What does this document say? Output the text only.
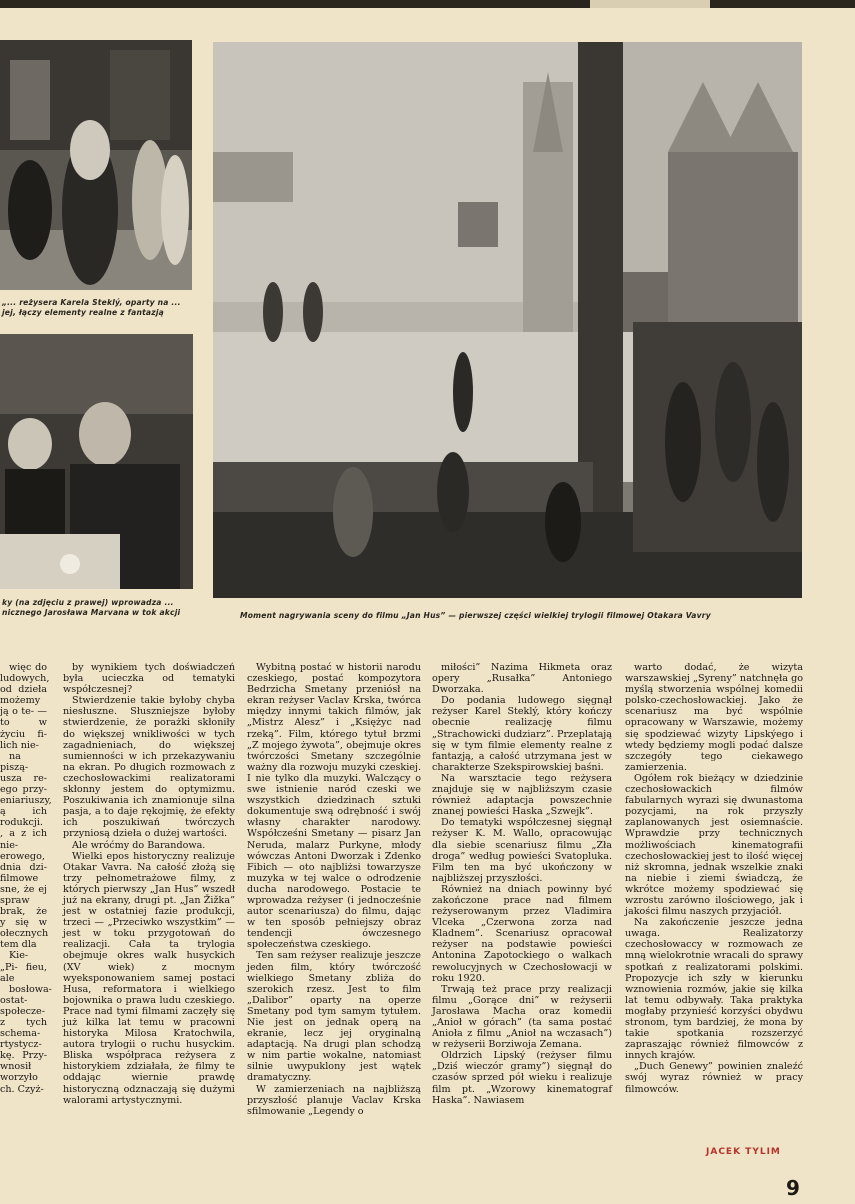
„... reżysera Karela Steklý, oparty na ... jej, łączy elementy realne z fantazją
ky (na zdjęciu z prawej) wprowadza ... nicznego Jarosława Marvana w tok akcji	Moment nagrywania sceny do filmu „Jan Hus” — pierwszej części wielkiej trylogii filmowej Otakara Vavry

więc do ludowych, od dzieła możemy ją o te- — to w życiu fi- lich nie-

na piszą- usza re- ego przy- eniariuszy, ą ich rodukcji. , a z ich nie- erowego, dnia dzi- filmowe sne, że ej spraw brak, że y się w ołecznych tem dla

Kie- „Pi- fieu, ale

bosłowa- ostat- społecze- z tych schema- rtystycz- kę. Przy- wnosił worzyło ch. Czyż-

by wynikiem tych doświadczeń była ucieczka od tematyki współczesnej?

Stwierdzenie takie byłoby chyba niesłuszne. Słuszniejsze byłoby stwierdzenie, że porażki skłoniły do większej wnikliwości w tych zagadnieniach, do większej sumienności w ich przekazywaniu na ekran. Po długich rozmowach z czechosłowackimi realizatorami skłonny jestem do optymizmu. Poszukiwania ich znamionuje silna pasja, a to daje rękojmię, że efekty ich poszukiwań twórczych przyniosą dzieła o dużej wartości.

Ale wróćmy do Barandowa.

Wielki epos historyczny realizuje Otakar Vavra. Na całość złożą się trzy pełnometrażowe filmy, z których pierwszy „Jan Hus” wszedł już na ekrany, drugi pt. „Jan Žižka” jest w ostatniej fazie produkcji, trzeci — „Przeciwko wszystkim” — jest w toku przygotowań do realizacji. Cała ta trylogia obejmuje okres walk husyckich (XV wiek) z mocnym wyeksponowaniem samej postaci Husa, reformatora i wielkiego bojownika o prawa ludu czeskiego. Prace nad tymi filmami zaczęły się już kilka lat temu w pracowni historyka Milosa Kratochwila, autora trylogii o ruchu husyckim. Bliska współpraca reżysera z historykiem zdziałała, że filmy te oddając wiernie prawdę historyczną odznaczają się dużymi walorami artystycznymi.

Wybitną postać w historii narodu czeskiego, postać kompozytora Bedrzicha Smetany przeniósł na ekran reżyser Vaclav Krska, twórca między innymi takich filmów, jak „Mistrz Alesz” i „Księżyc nad rzeką”. Film, którego tytuł brzmi „Z mojego żywota”, obejmuje okres twórczości Smetany szczególnie ważny dla rozwoju muzyki czeskiej. I nie tylko dla muzyki. Walczący o swe istnienie naród czeski we wszystkich dziedzinach sztuki dokumentuje swą odrębność i swój własny charakter narodowy. Współcześni Smetany — pisarz Jan Neruda, malarz Purkyne, młody wówczas Antoni Dworzak i Zdenko Fibich — oto najbliżsi towarzysze muzyka w tej walce o odrodzenie ducha narodowego. Postacie te wprowadza reżyser (i jednocześnie autor scenariusza) do filmu, dając w ten sposób pełniejszy obraz tendencji ówczesnego społeczeństwa czeskiego.

Ten sam reżyser realizuje jeszcze jeden film, który twórczość wielkiego Smetany zbliża do szerokich rzesz. Jest to film „Dalibor” oparty na operze Smetany pod tym samym tytułem. Nie jest on jednak operą na ekranie, lecz jej oryginalną adaptacją. Na drugi plan schodzą w nim partie wokalne, natomiast silnie uwypuklony jest wątek dramatyczny.

W zamierzeniach na najbliższą przyszłość planuje Vaclav Krska sfilmowanie „Legendy o

miłości” Nazima Hikmeta oraz opery „Rusałka” Antoniego Dworzaka.

Do podania ludowego sięgnął reżyser Karel Steklý, który kończy obecnie realizację filmu „Strachowicki dudziarz”. Przeplatają się w tym filmie elementy realne z fantazją, a całość utrzymana jest w charakterze Szekspirowskiej baśni.

Na warsztacie tego reżysera znajduje się w najbliższym czasie również adaptacja powszechnie znanej powieści Haska „Szwejk”.

Do tematyki współczesnej sięgnął reżyser K. M. Wallo, opracowując dla siebie scenariusz filmu „Zła droga” według powieści Svatopluka. Film ten ma być ukończony w najbliższej przyszłości.

Również na dniach powinny być zakończone prace nad filmem reżyserowanym przez Vladimira Vlceka „Czerwona zorza nad Kladnem”. Scenariusz opracował reżyser na podstawie powieści Antonina Zapotockiego o walkach rewolucyjnych w Czechosłowacji w roku 1920.

Trwają też prace przy realizacji filmu „Gorące dni” w reżyserii Jarosława Macha oraz komedii „Anioł w górach” (ta sama postać Anioła z filmu „Anioł na wczasach”) w reżyserii Borziwoja Zemana.

Oldrzich Lipský (reżyser filmu „Dziś wieczór gramy”) sięgnął do czasów sprzed pół wieku i realizuje film pt. „Wzorowy kinematograf Haska”. Nawiasem

warto dodać, że wizyta warszawskiej „Syreny” natchnęła go myślą stworzenia wspólnej komedii polsko-czechosłowackiej. Jako że scenariusz ma być wspólnie opracowany w Warszawie, możemy się spodziewać wizyty Lipskýego i wtedy będziemy mogli podać dalsze szczegóły tego ciekawego zamierzenia.

Ogółem rok bieżący w dziedzinie czechosłowackich filmów fabularnych wyrazi się dwunastoma pozycjami, na rok przyszły zaplanowanych jest osiemnaście. Wprawdzie przy technicznych możliwościach kinematografii czechosłowackiej jest to ilość więcej niż skromna, jednak wszelkie znaki na niebie i ziemi świadczą, że wkrótce możemy spodziewać się wzrostu zarówno ilościowego, jak i jakości filmu naszych przyjaciół.

Na zakończenie jeszcze jedna uwaga. Realizatorzy czechosłowaccy w rozmowach ze mną wielokrotnie wracali do sprawy spotkań z realizatorami polskimi. Propozycje ich szły w kierunku wznowienia rozmów, jakie się kilka lat temu odbywały. Taka praktyka mogłaby przynieść korzyści obydwu stronom, tym bardziej, że mona by takie spotkania rozszerzyć zapraszając również filmowców z innych krajów.

„Duch Genewy” powinien znaleźć swój wyraz również w pracy filmowców.

JACEK TYLIM
9
